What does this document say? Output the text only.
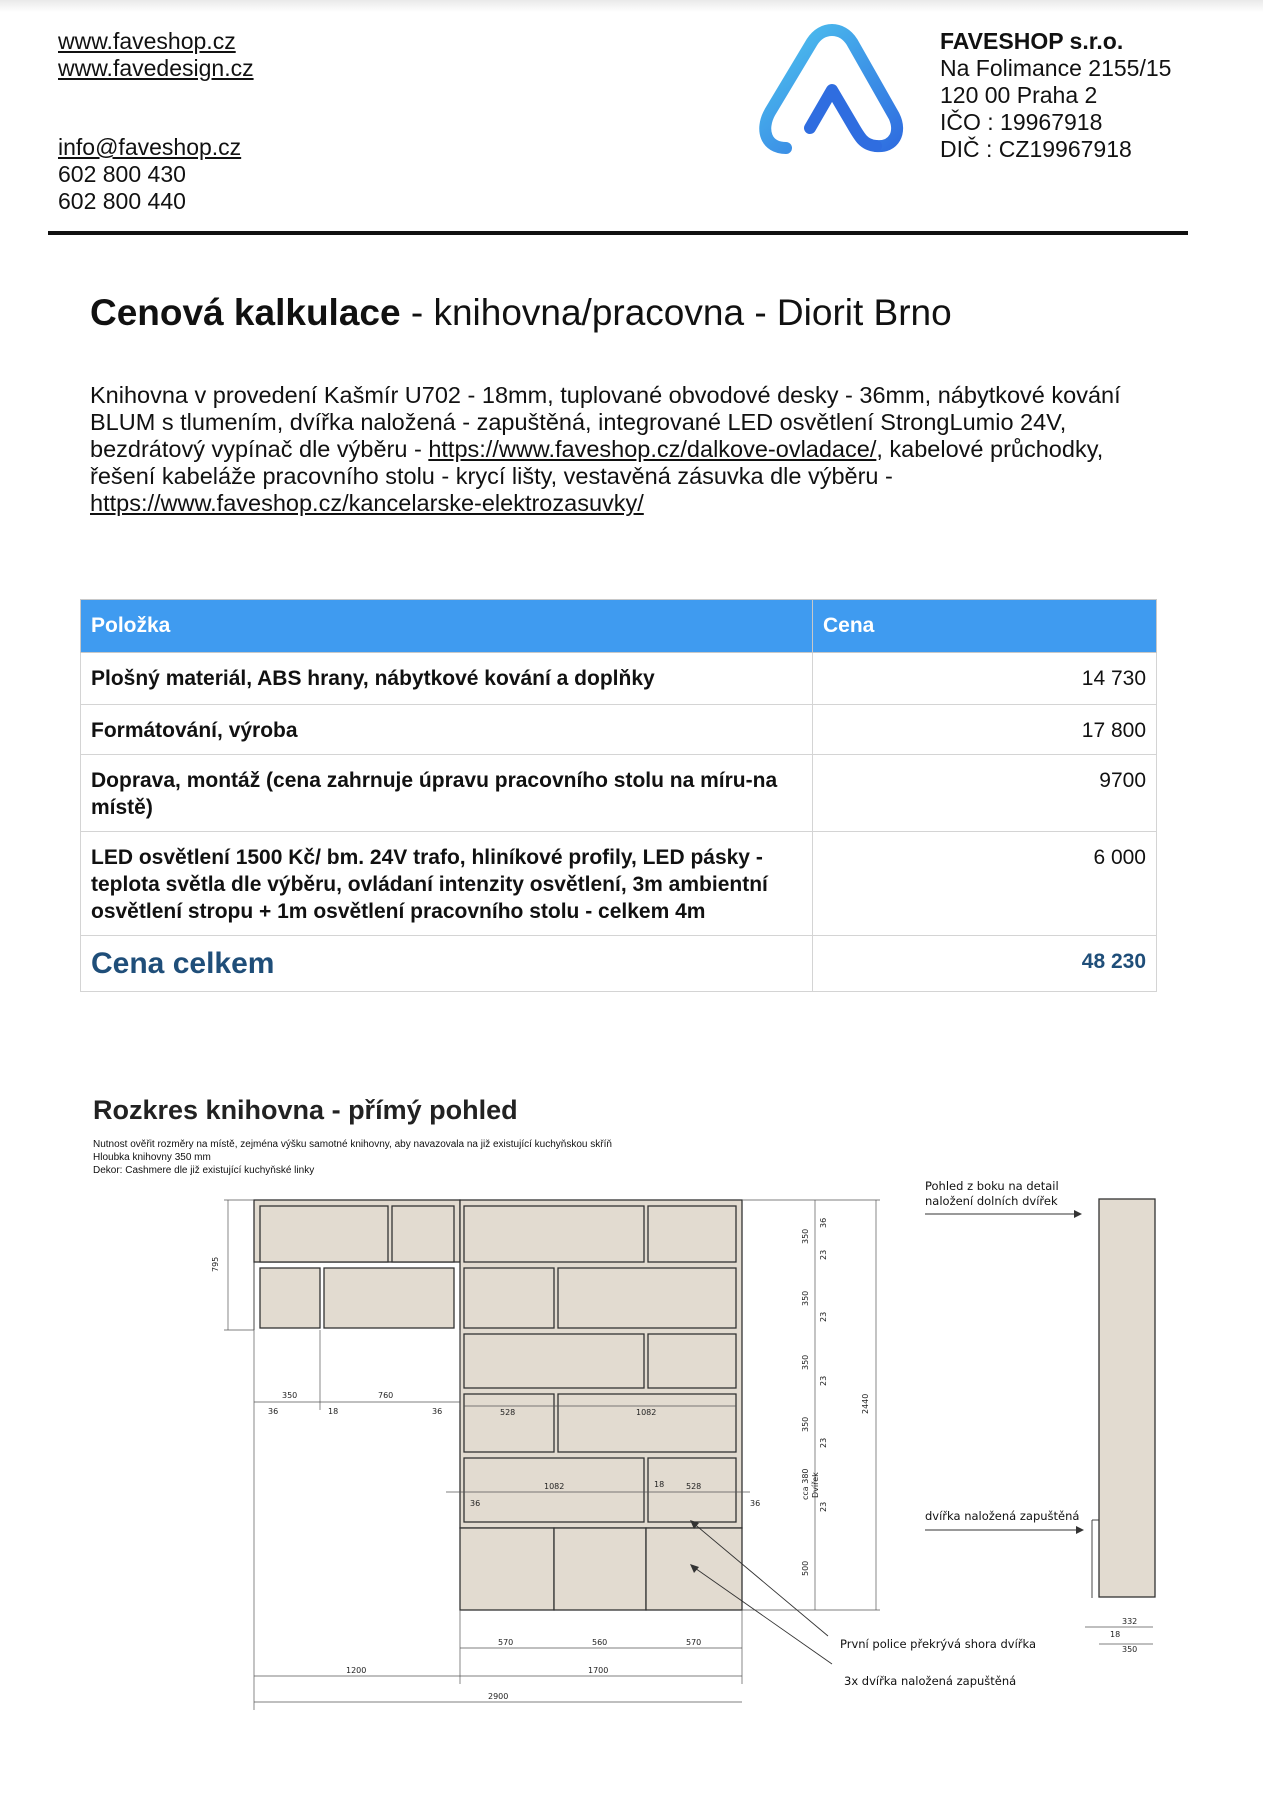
www.faveshop.cz
www.favedesign.cz
info@faveshop.cz
602 800 430
602 800 440
FAVESHOP s.r.o.
Na Folimance 2155/15
120 00 Praha 2
IČO : 19967918
DIČ : CZ19967918
Cenová kalkulace - knihovna/pracovna - Diorit Brno

Knihovna v provedení Kašmír U702 - 18mm, tuplované obvodové desky - 36mm, nábytkové kování BLUM s tlumením, dvířka naložená - zapuštěná, integrované LED osvětlení StrongLumio 24V, bezdrátový vypínač dle výběru - https://www.faveshop.cz/dalkove-ovladace/, kabelové průchodky, řešení kabeláže pracovního stolu - krycí lišty, vestavěná zásuvka dle výběru - https://www.faveshop.cz/kancelarske-elektrozasuvky/

Položka	Cena
Plošný materiál, ABS hrany, nábytkové kování a doplňky	14 730
Formátování, výroba	17 800
Doprava, montáž (cena zahrnuje úpravu pracovního stolu na míru-na místě)	9700
LED osvětlení 1500 Kč/ bm. 24V trafo, hliníkové profily, LED pásky - teplota světla dle výběru, ovládaní intenzity osvětlení, 3m ambientní osvětlení stropu + 1m osvětlení pracovního stolu - celkem 4m	6 000
Cena celkem	48 230
Rozkres knihovna - přímý pohled
Nutnost ověřit rozměry na místě, zejména výšku samotné knihovny, aby navazovala na již existující kuchyňskou skříň
Hloubka knihovny 350 mm
Dekor: Cashmere dle již existující kuchyňské linky
332
18
350
795
350	760
36	18	36	528	1082
1082	18	528
36	36
350
36
23
350
23
350
23
350
23
cca 380 Dvířek
23
500
2440
570	560	570
1200	1700
2900
Pohled z boku na detail
naložení dolních dvířek
dvířka naložená zapuštěná
První police překrývá shora dvířka
3x dvířka naložená zapuštěná
